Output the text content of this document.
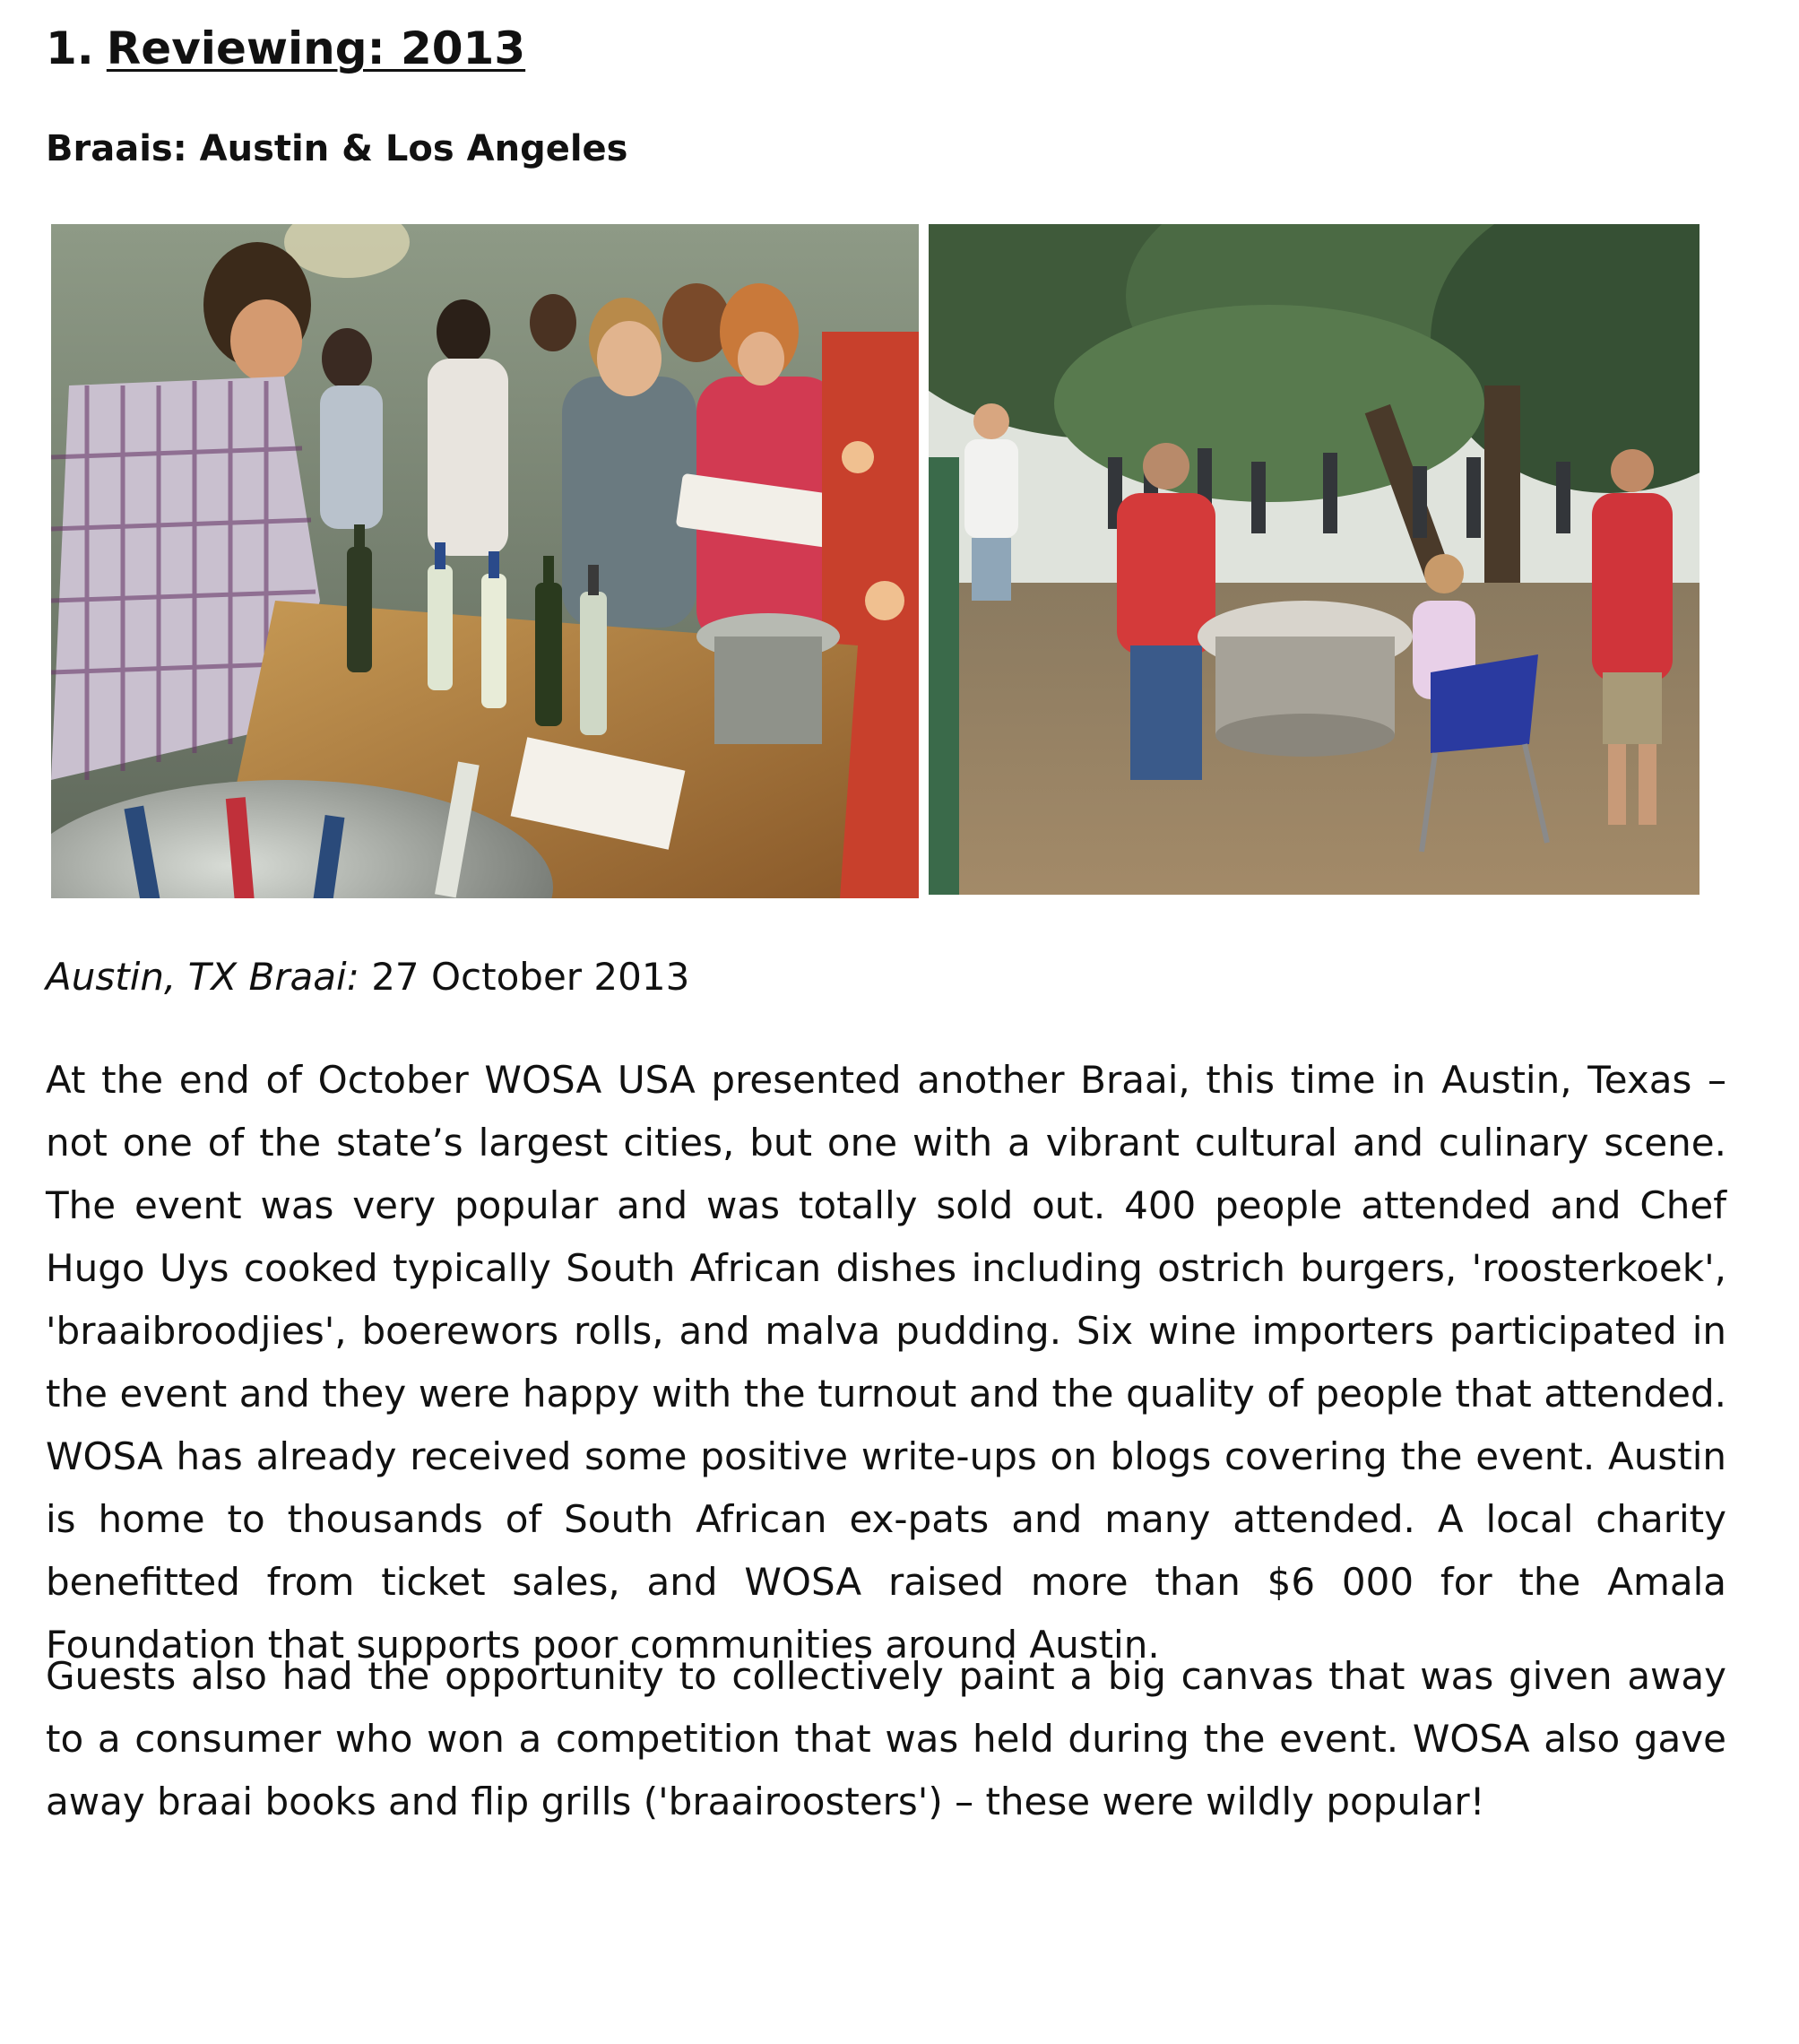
1. Reviewing: 2013
Braais: Austin & Los Angeles
Austin, TX Braai: 27 October 2013

At the end of October WOSA USA presented another Braai, this time in Austin, Texas – not one of the state’s largest cities, but one with a vibrant cultural and culinary scene. The event was very popular and was totally sold out. 400 people attended and Chef Hugo Uys cooked typically South African dishes including ostrich burgers, 'roosterkoek', 'braaibroodjies', boerewors rolls, and malva pudding. Six wine importers participated in the event and they were happy with the turnout and the quality of people that attended. WOSA has already received some positive write-ups on blogs covering the event. Austin is home to thousands of South African ex-pats and many attended. A local charity benefitted from ticket sales, and WOSA raised more than $6 000 for the Amala Foundation that supports poor communities around Austin.

Guests also had the opportunity to collectively paint a big canvas that was given away to a consumer who won a competition that was held during the event. WOSA also gave away braai books and flip grills ('braairoosters') – these were wildly popular!
